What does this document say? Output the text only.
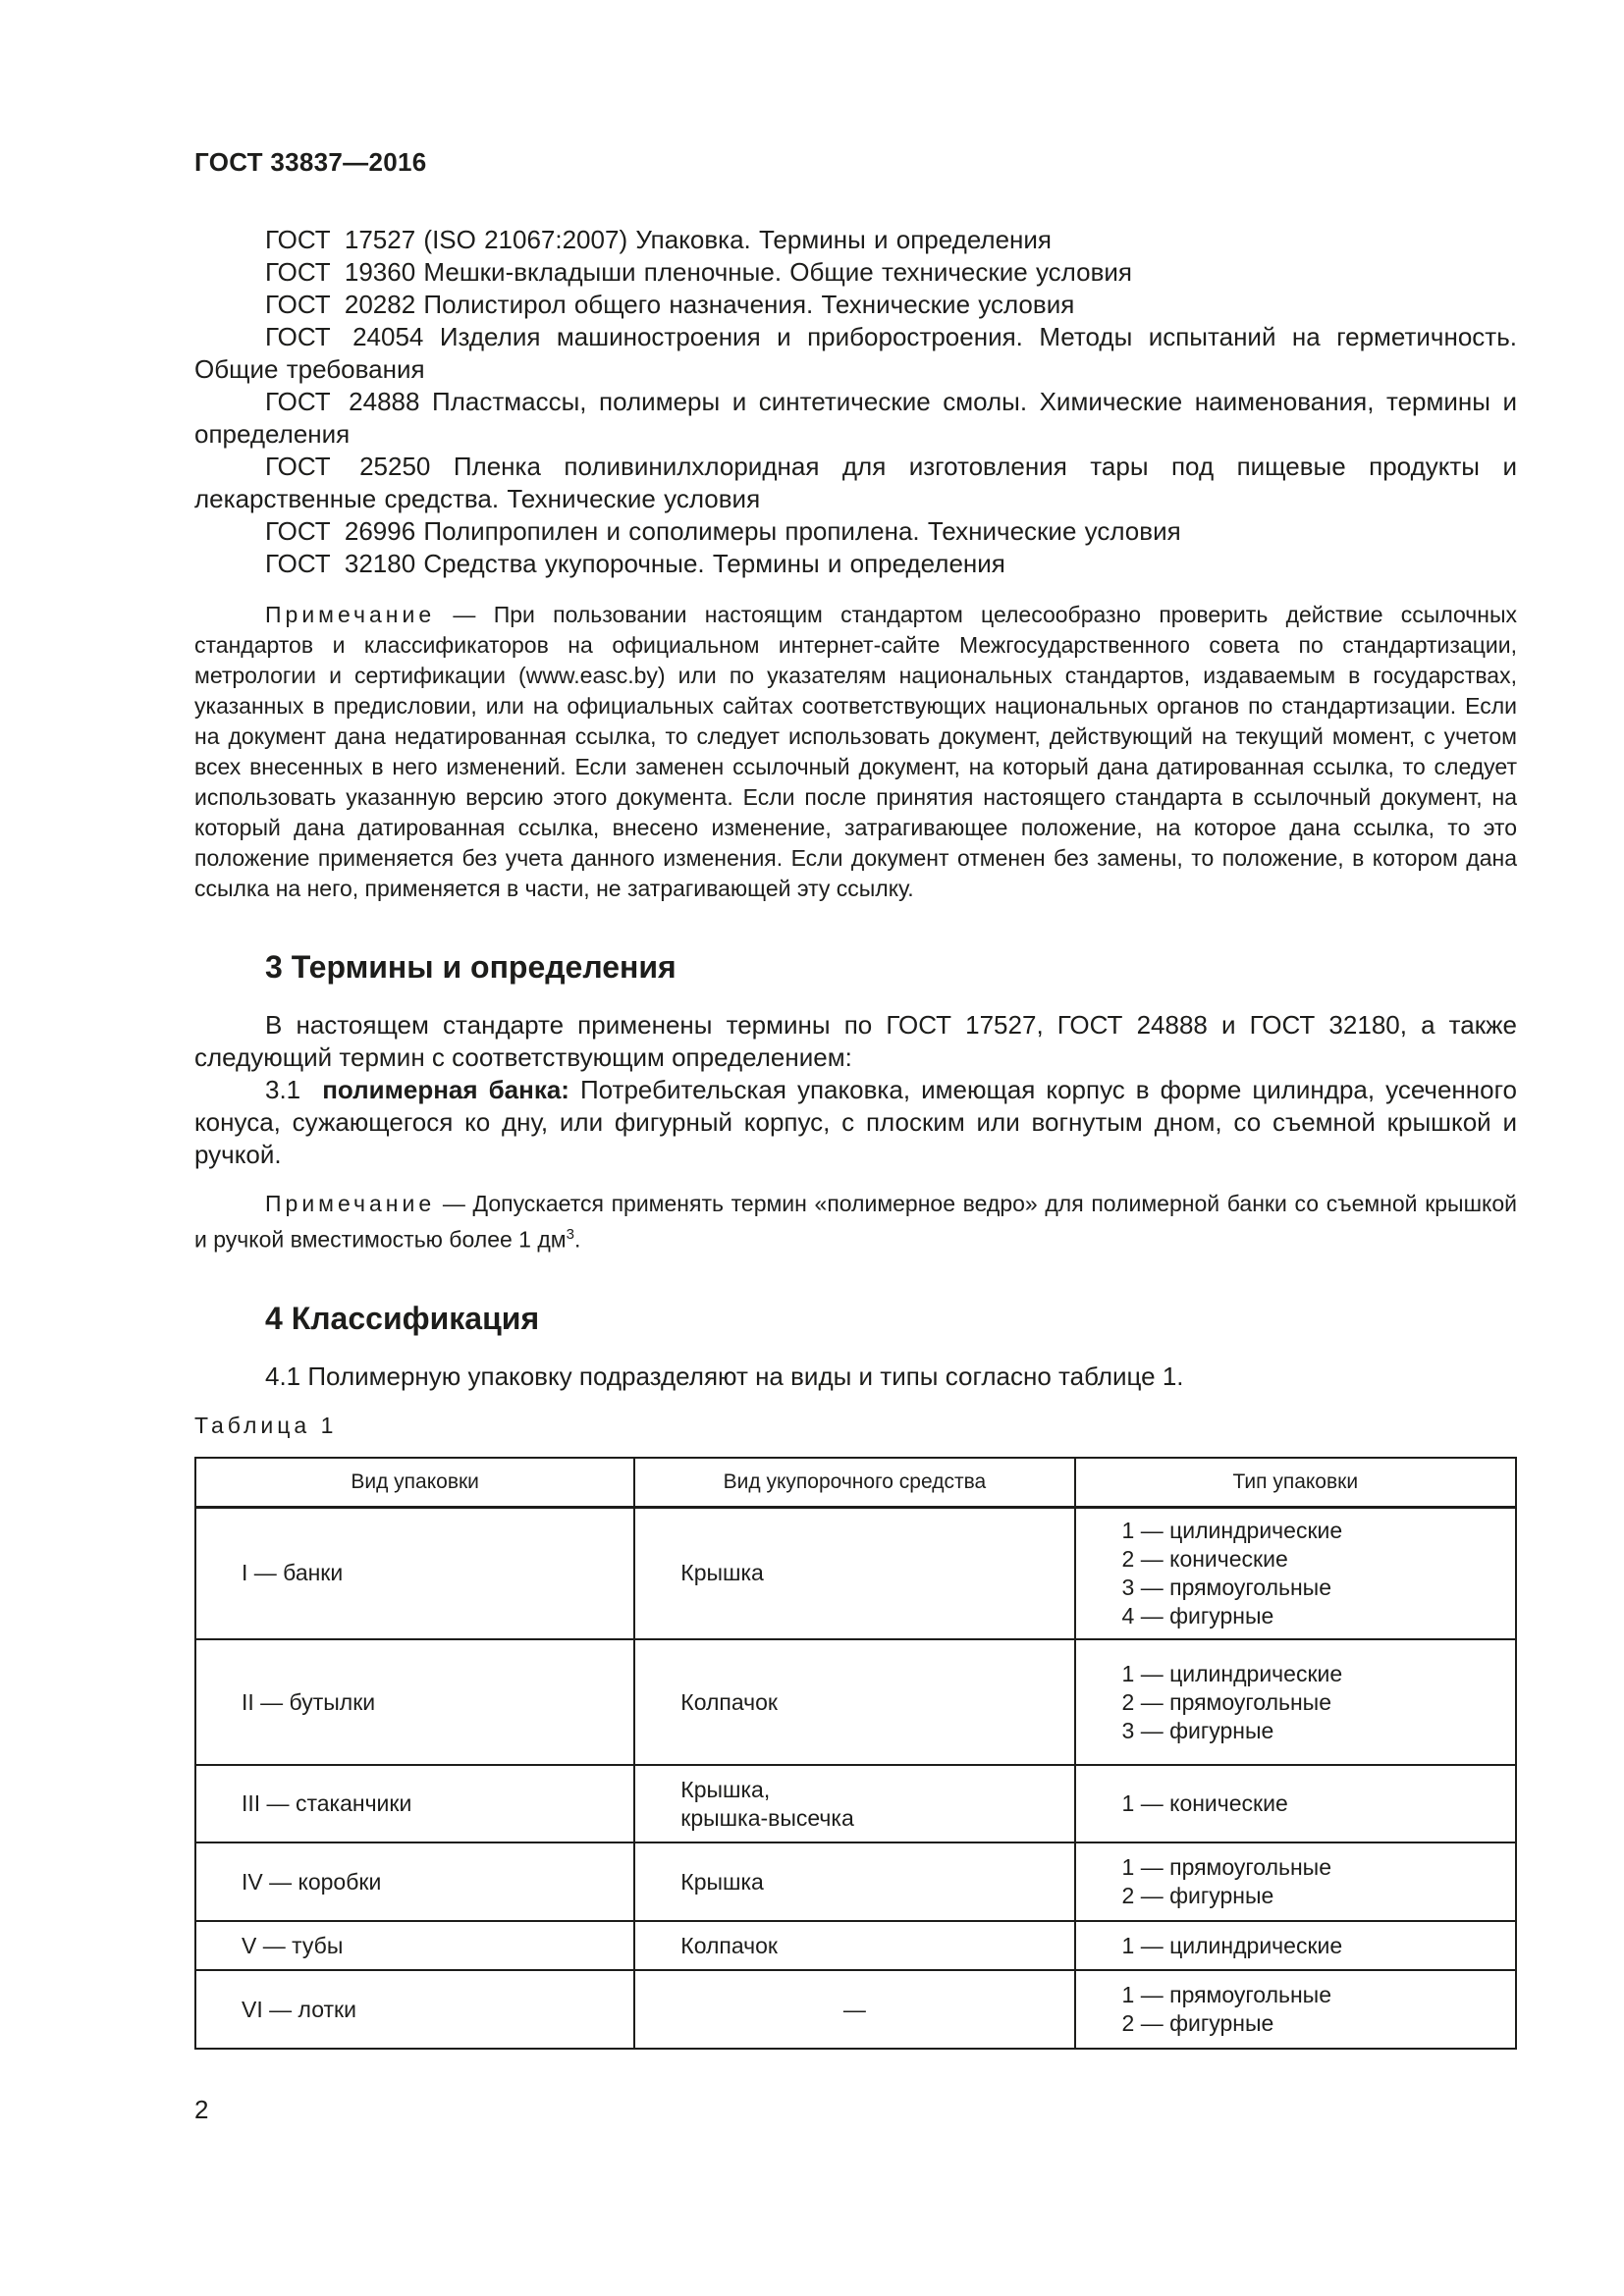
ГОСТ 33837—2016

ГОСТ 17527 (ISO 21067:2007) Упаковка. Термины и определения

ГОСТ 19360 Мешки-вкладыши пленочные. Общие технические условия

ГОСТ 20282 Полистирол общего назначения. Технические условия

ГОСТ 24054 Изделия машиностроения и приборостроения. Методы испытаний на герметичность. Общие требования

ГОСТ 24888 Пластмассы, полимеры и синтетические смолы. Химические наименования, термины и определения

ГОСТ 25250 Пленка поливинилхлоридная для изготовления тары под пищевые продукты и лекарственные средства. Технические условия

ГОСТ 26996 Полипропилен и сополимеры пропилена. Технические условия

ГОСТ 32180 Средства укупорочные. Термины и определения

Примечание — При пользовании настоящим стандартом целесообразно проверить действие ссылочных стандартов и классификаторов на официальном интернет-сайте Межгосударственного совета по стандартизации, метрологии и сертификации (www.easc.by) или по указателям национальных стандартов, издаваемым в государствах, указанных в предисловии, или на официальных сайтах соответствующих национальных органов по стандартизации. Если на документ дана недатированная ссылка, то следует использовать документ, действующий на текущий момент, с учетом всех внесенных в него изменений. Если заменен ссылочный документ, на который дана датированная ссылка, то следует использовать указанную версию этого документа. Если после принятия настоящего стандарта в ссылочный документ, на который дана датированная ссылка, внесено изменение, затрагивающее положение, на которое дана ссылка, то это положение применяется без учета данного изменения. Если документ отменен без замены, то положение, в котором дана ссылка на него, применяется в части, не затрагивающей эту ссылку.

3 Термины и определения

В настоящем стандарте применены термины по ГОСТ 17527, ГОСТ 24888 и ГОСТ 32180, а также следующий термин с соответствующим определением:

3.1 полимерная банка: Потребительская упаковка, имеющая корпус в форме цилиндра, усеченного конуса, сужающегося ко дну, или фигурный корпус, с плоским или вогнутым дном, со съемной крышкой и ручкой.

Примечание — Допускается применять термин «полимерное ведро» для полимерной банки со съемной крышкой и ручкой вместимостью более 1 $дм^3$.

4 Классификация

4.1 Полимерную упаковку подразделяют на виды и типы согласно таблице 1.

Таблица 1

Вид упаковки	Вид укупорочного средства	Тип упаковки
I — банки	Крышка	1 — цилиндрические
2 — конические
3 — прямоугольные
4 — фигурные

II — бутылки	Колпачок	1 — цилиндрические
2 — прямоугольные
3 — фигурные

III — стаканчики	Крышка,
крышка-высечка	1 — конические

IV — коробки	Крышка	1 — прямоугольные
2 — фигурные

V — тубы	Колпачок	1 — цилиндрические

VI — лотки	—	1 — прямоугольные
2 — фигурные
2
